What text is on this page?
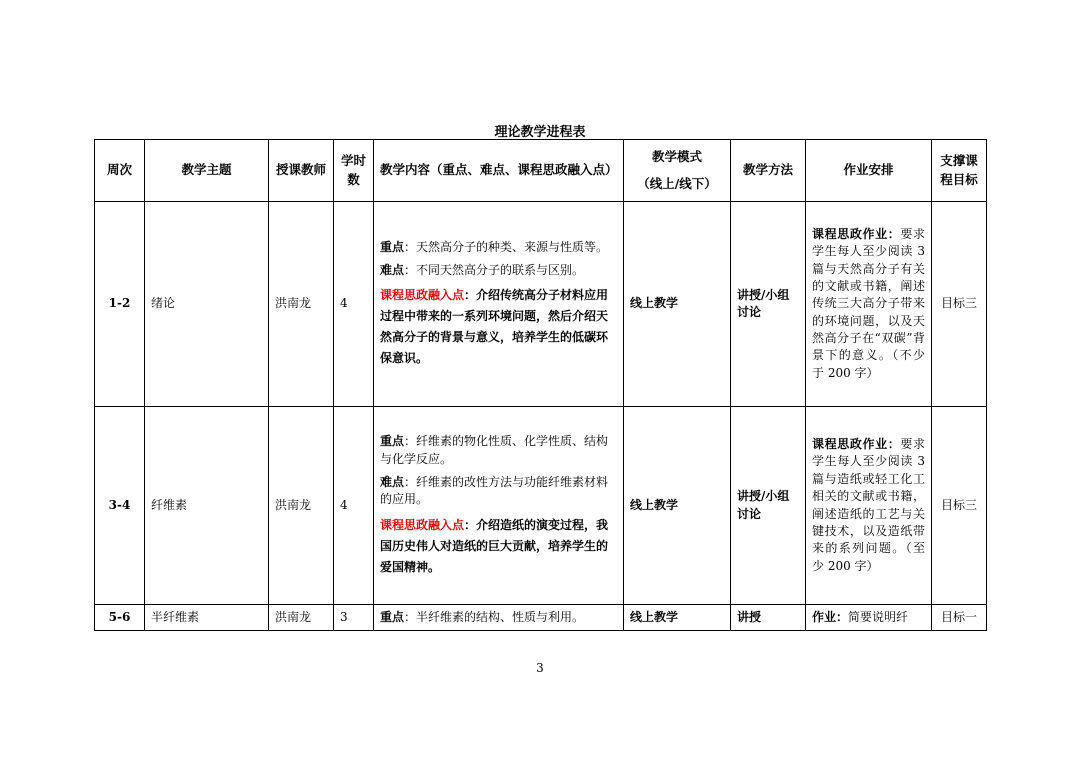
理论教学进程表
周次	教学主题	授课教师	学时数	教学内容（重点、难点、课程思政融入点）	教学模式
（线上/线下）	教学方法	作业安排	支撑课程目标
1-2	绪论	洪南龙	4	重点：天然高分子的种类、来源与性质等。

难点：不同天然高分子的联系与区别。

课程思政融入点：介绍传统高分子材料应用过程中带来的一系列环境问题，然后介绍天然高分子的背景与意义，培养学生的低碳环保意识。	线上教学	讲授/小组讨论	课程思政作业：要求学生每人至少阅读 3 篇与天然高分子有关的文献或书籍，阐述传统三大高分子带来的环境问题，以及天然高分子在“双碳”背景下的意义。（不少于 200 字）	目标三
3-4	纤维素	洪南龙	4	重点：纤维素的物化性质、化学性质、结构与化学反应。

难点：纤维素的改性方法与功能纤维素材料的应用。

课程思政融入点：介绍造纸的演变过程，我国历史伟人对造纸的巨大贡献，培养学生的爱国精神。	线上教学	讲授/小组讨论	课程思政作业：要求学生每人至少阅读 3 篇与造纸或轻工化工相关的文献或书籍，阐述造纸的工艺与关键技术，以及造纸带来的系列问题。（至少 200 字）	目标三
5-6	半纤维素	洪南龙	3	重点：半纤维素的结构、性质与利用。	线上教学	讲授	作业：简要说明纤	目标一
3
